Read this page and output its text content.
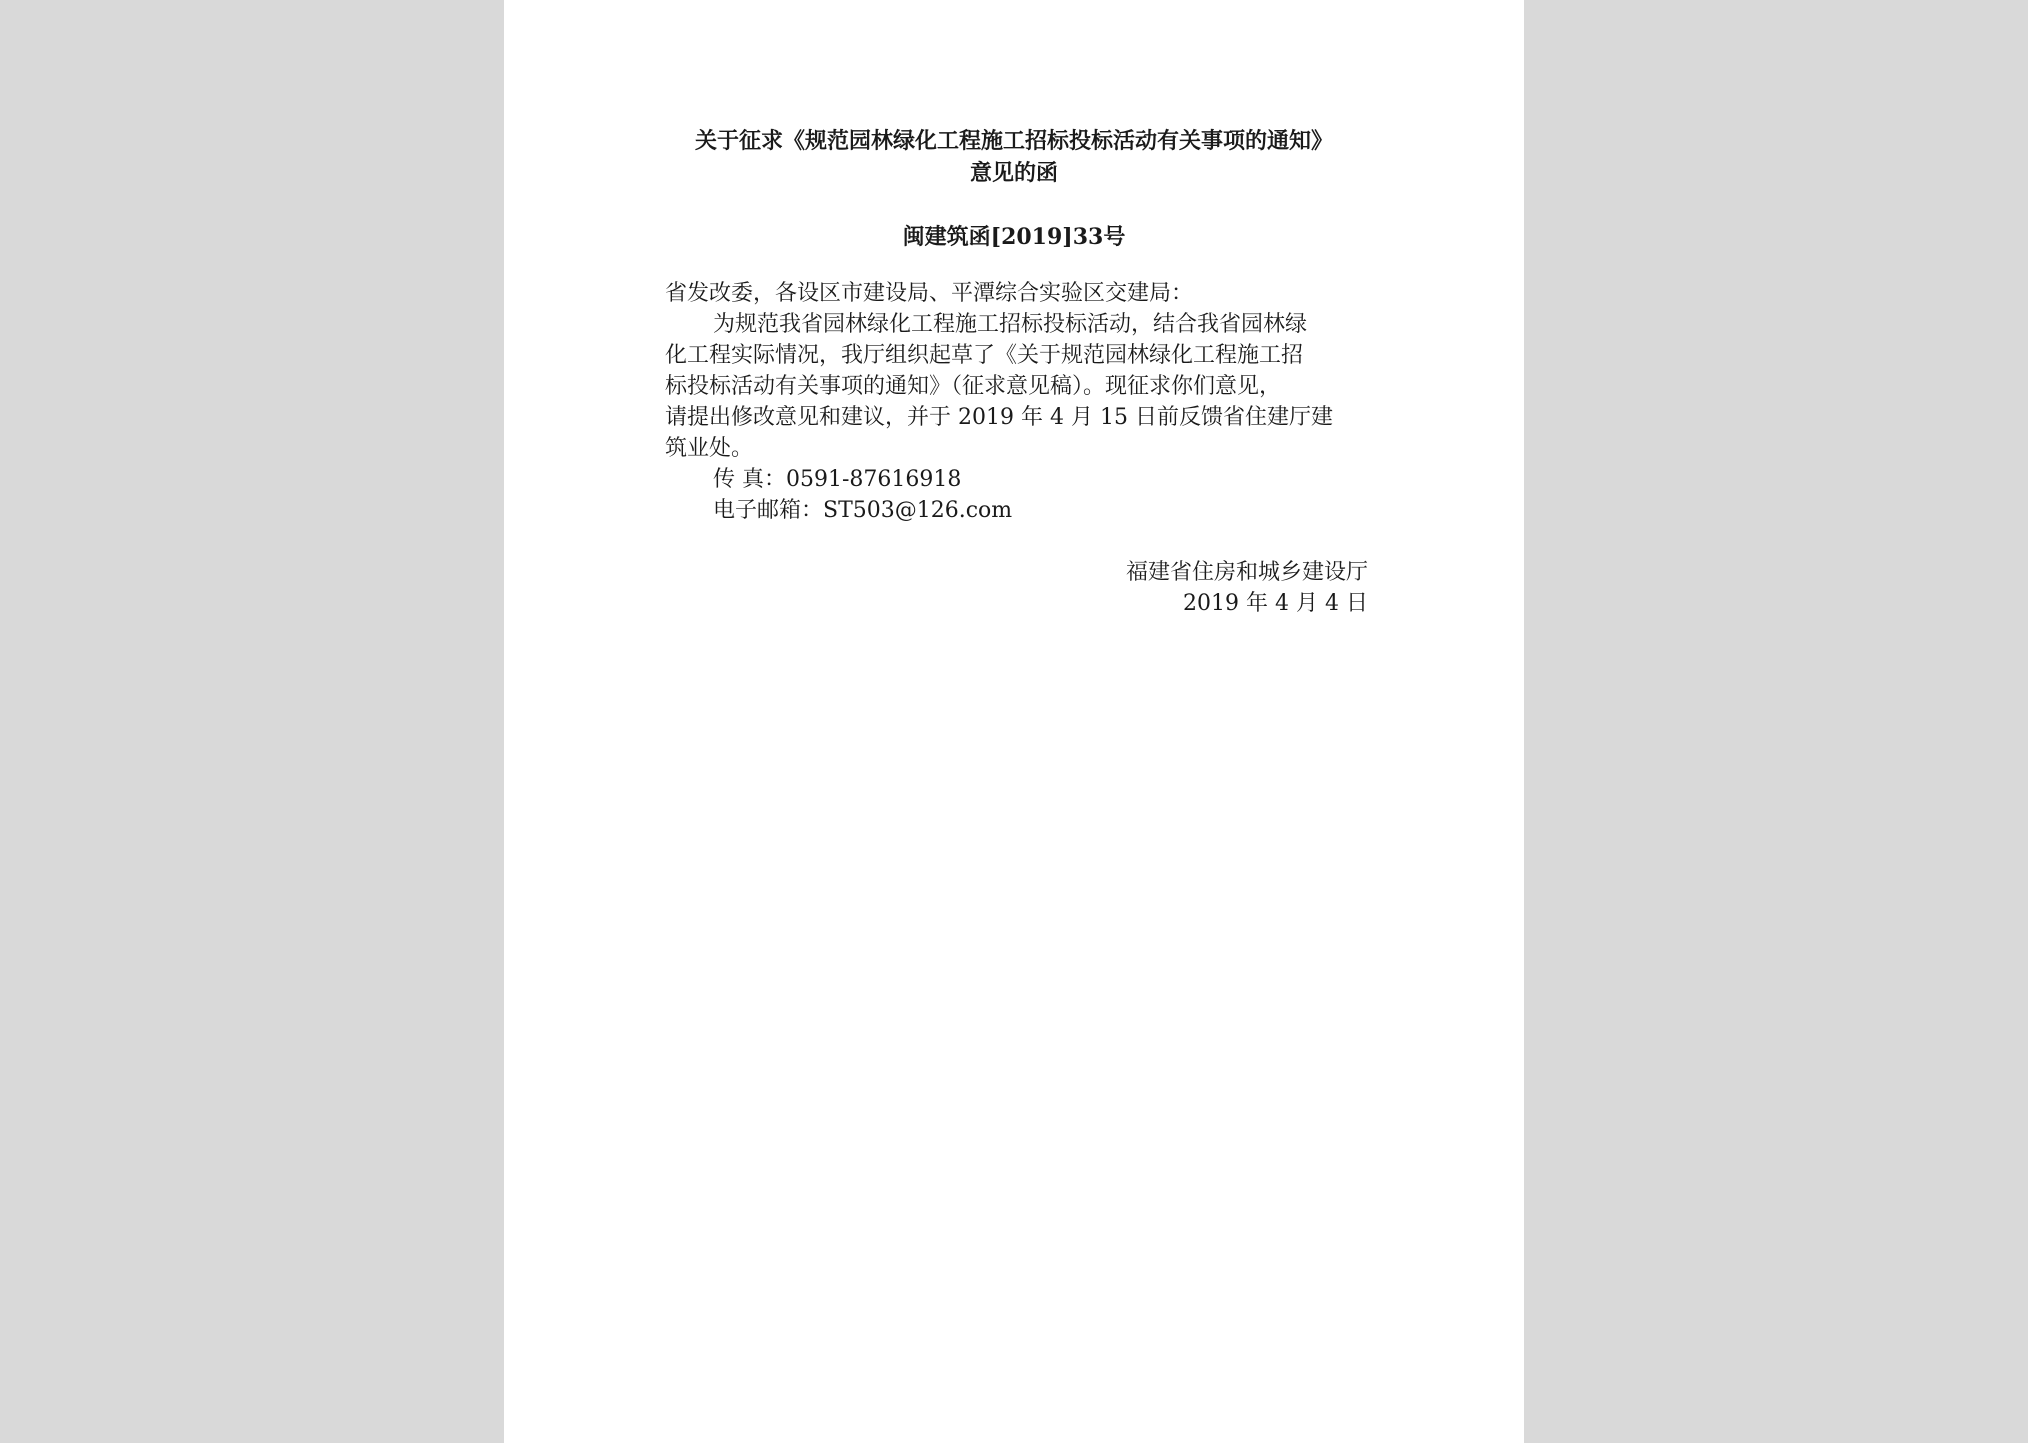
关于征求《规范园林绿化工程施工招标投标活动有关事项的通知》
意见的函
闽建筑函[2019]33号
省发改委，各设区市建设局、平潭综合实验区交建局：
为规范我省园林绿化工程施工招标投标活动，结合我省园林绿
化工程实际情况，我厅组织起草了《关于规范园林绿化工程施工招
标投标活动有关事项的通知》（征求意见稿）。现征求你们意见，
请提出修改意见和建议，并于 2019 年 4 月 15 日前反馈省住建厅建
筑业处。
传 真：0591-87616918
电子邮箱：ST503@126.com
福建省住房和城乡建设厅
2019 年 4 月 4 日
